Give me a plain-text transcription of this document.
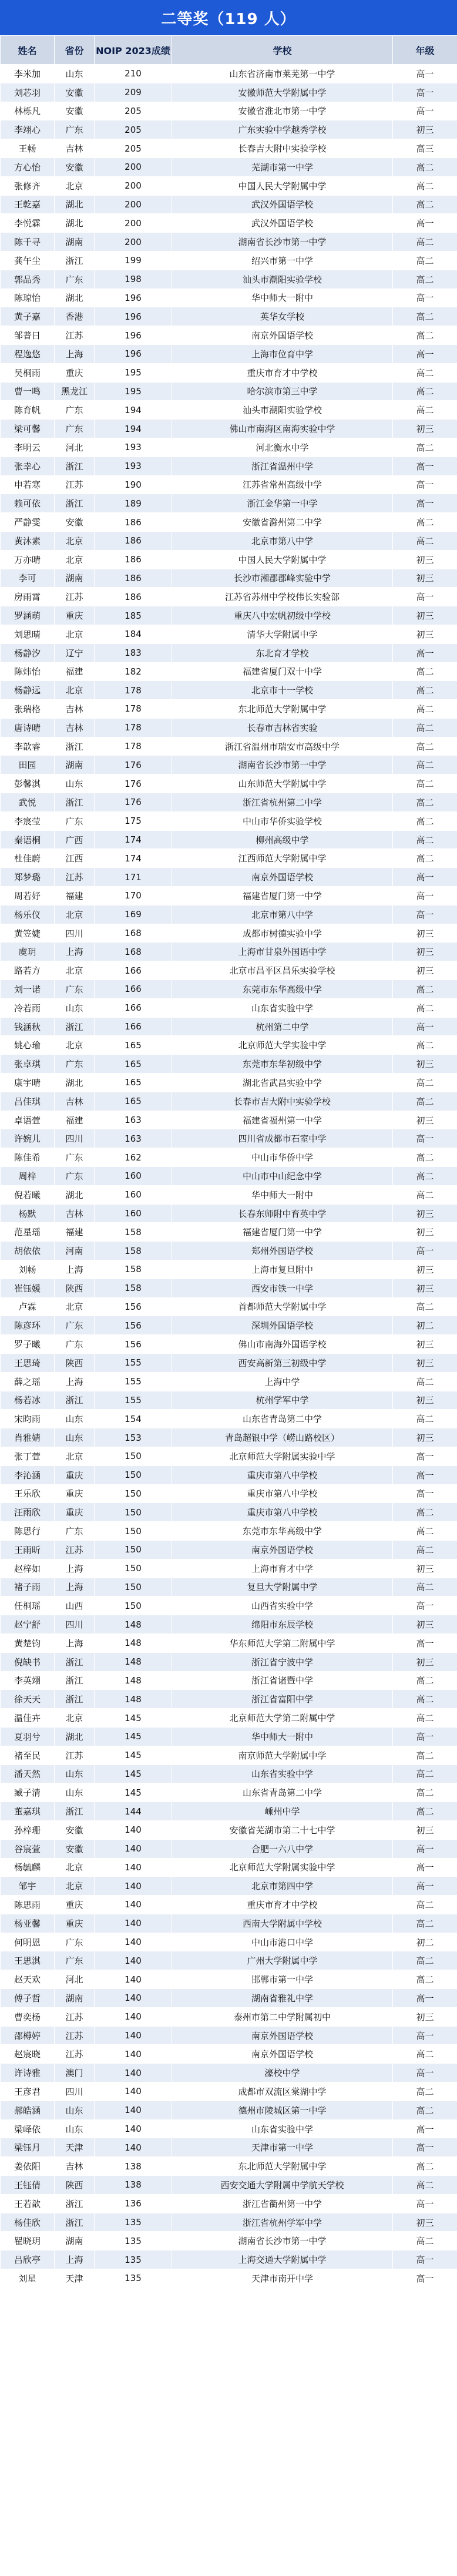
二等奖（119 人）
姓名	省份	NOIP 2023成绩	学校	年级
李米加	山东	210	山东省济南市莱芜第一中学	高一
刘芯羽	安徽	209	安徽师范大学附属中学	高一
林栎凡	安徽	205	安徽省淮北市第一中学	高一
李翊心	广东	205	广东实验中学越秀学校	初三
王畅	吉林	205	长春吉大附中实验学校	高三
方心怡	安徽	200	芜湖市第一中学	高二
张修齐	北京	200	中国人民大学附属中学	高二
王乾嘉	湖北	200	武汉外国语学校	高二
李悦霖	湖北	200	武汉外国语学校	高一
陈千寻	湖南	200	湖南省长沙市第一中学	高二
龚午尘	浙江	199	绍兴市第一中学	高二
郭品秀	广东	198	汕头市潮阳实验学校	高二
陈琼怡	湖北	196	华中师大一附中	高一
黄子嘉	香港	196	英华女学校	高二
邹普日	江苏	196	南京外国语学校	高二
程逸悠	上海	196	上海市位育中学	高一
吴桐雨	重庆	195	重庆市育才中学校	高二
曹一鸣	黑龙江	195	哈尔滨市第三中学	高二
陈育帆	广东	194	汕头市潮阳实验学校	高二
梁可馨	广东	194	佛山市南海区南海实验中学	初三
李明云	河北	193	河北衡水中学	高二
张幸心	浙江	193	浙江省温州中学	高一
申若寒	江苏	190	江苏省常州高级中学	高一
赖可依	浙江	189	浙江金华第一中学	高一
严静雯	安徽	186	安徽省滁州第二中学	高二
黄沐素	北京	186	北京市第八中学	高二
万亦晴	北京	186	中国人民大学附属中学	初三
李可	湖南	186	长沙市湘郡郡峰实验中学	初三
房雨霄	江苏	186	江苏省苏州中学校伟长实验部	高一
罗涵萌	重庆	185	重庆八中宏帆初级中学校	初三
刘思晴	北京	184	清华大学附属中学	初三
杨静汐	辽宁	183	东北育才学校	高一
陈炜怡	福建	182	福建省厦门双十中学	高二
杨静远	北京	178	北京市十一学校	高二
张瑞格	吉林	178	东北师范大学附属中学	高二
唐诗晴	吉林	178	长春市吉林省实验	高二
李歆睿	浙江	178	浙江省温州市瑞安市高级中学	高二
田园	湖南	176	湖南省长沙市第一中学	高二
彭馨淇	山东	176	山东师范大学附属中学	高二
武悦	浙江	176	浙江省杭州第二中学	高二
李宸莹	广东	175	中山市华侨实验学校	高二
秦语桐	广西	174	柳州高级中学	高二
杜佳蔚	江西	174	江西师范大学附属中学	高二
郑梦璐	江苏	171	南京外国语学校	高一
周若妤	福建	170	福建省厦门第一中学	高一
杨乐仪	北京	169	北京市第八中学	高一
黄笠婕	四川	168	成都市树德实验中学	初三
虞玥	上海	168	上海市甘泉外国语中学	初三
路若方	北京	166	北京市昌平区昌乐实验学校	初三
刘一诺	广东	166	东莞市东华高级中学	高二
冷若雨	山东	166	山东省实验中学	高二
钱涵秋	浙江	166	杭州第二中学	高一
姚心瑜	北京	165	北京师范大学实验中学	高二
张卓琪	广东	165	东莞市东华初级中学	初三
康宇晴	湖北	165	湖北省武昌实验中学	高二
吕佳琪	吉林	165	长春市吉大附中实验学校	高二
卓语萱	福建	163	福建省福州第一中学	初三
许婉儿	四川	163	四川省成都市石室中学	高一
陈佳希	广东	162	中山市华侨中学	高二
周梓	广东	160	中山市中山纪念中学	高二
倪若曦	湖北	160	华中师大一附中	高二
杨默	吉林	160	长春东师附中育英中学	初三
范星瑶	福建	158	福建省厦门第一中学	初三
胡依依	河南	158	郑州外国语学校	高一
刘畅	上海	158	上海市复旦附中	初三
崔钰媛	陕西	158	西安市铁一中学	初三
卢霖	北京	156	首都师范大学附属中学	高二
陈彦环	广东	156	深圳外国语学校	初二
罗子曦	广东	156	佛山市南海外国语学校	初三
王思琦	陕西	155	西安高新第三初级中学	初三
薛之瑶	上海	155	上海中学	高二
杨若冰	浙江	155	杭州学军中学	初三
宋昀雨	山东	154	山东省青岛第二中学	高二
肖雅婧	山东	153	青岛超银中学（崂山路校区）	初三
张丁萱	北京	150	北京师范大学附属实验中学	高一
李沁涵	重庆	150	重庆市第八中学校	高一
王乐欣	重庆	150	重庆市第八中学校	高一
汪雨欣	重庆	150	重庆市第八中学校	高二
陈思行	广东	150	东莞市东华高级中学	高二
王雨昕	江苏	150	南京外国语学校	高二
赵梓如	上海	150	上海市育才中学	初三
褚子雨	上海	150	复旦大学附属中学	高二
任桐瑶	山西	150	山西省实验中学	高一
赵宁舒	四川	148	绵阳市东辰学校	初三
黄楚钧	上海	148	华东师范大学第二附属中学	高一
倪缺书	浙江	148	浙江省宁波中学	初三
李英翊	浙江	148	浙江省诸暨中学	高二
徐天天	浙江	148	浙江省富阳中学	高二
温佳卉	北京	145	北京师范大学第二附属中学	高二
夏羽兮	湖北	145	华中师大一附中	高一
褚至民	江苏	145	南京师范大学附属中学	高二
潘天然	山东	145	山东省实验中学	高二
臧子清	山东	145	山东省青岛第二中学	高二
董嘉琪	浙江	144	嵊州中学	高二
孙梓珊	安徽	140	安徽省芜湖市第二十七中学	初三
谷宸萱	安徽	140	合肥一六八中学	高一
杨毓麟	北京	140	北京师范大学附属实验中学	高一
邹宇	北京	140	北京市第四中学	高一
陈思雨	重庆	140	重庆市育才中学校	高二
杨亚馨	重庆	140	西南大学附属中学校	高二
何明恩	广东	140	中山市港口中学	初二
王思淇	广东	140	广州大学附属中学	高二
赵天欢	河北	140	邯郸市第一中学	高二
傅子哲	湖南	140	湖南省雅礼中学	高一
曹奕杨	江苏	140	泰州市第二中学附属初中	初三
邵樽婷	江苏	140	南京外国语学校	高一
赵宸晓	江苏	140	南京外国语学校	高二
许诗雅	澳门	140	濠校中学	高一
王彦君	四川	140	成都市双流区棠湖中学	高二
郝皓涵	山东	140	德州市陵城区第一中学	高二
梁峄依	山东	140	山东省实验中学	高一
梁钰月	天津	140	天津市第一中学	高一
姜依阳	吉林	138	东北师范大学附属中学	高二
王钰倩	陕西	138	西安交通大学附属中学航天学校	高二
王若歆	浙江	136	浙江省衢州第一中学	高一
杨佳欣	浙江	135	浙江省杭州学军中学	初三
瞿晓玥	湖南	135	湖南省长沙市第一中学	高二
吕欣亭	上海	135	上海交通大学附属中学	高一
刘星	天津	135	天津市南开中学	高一
